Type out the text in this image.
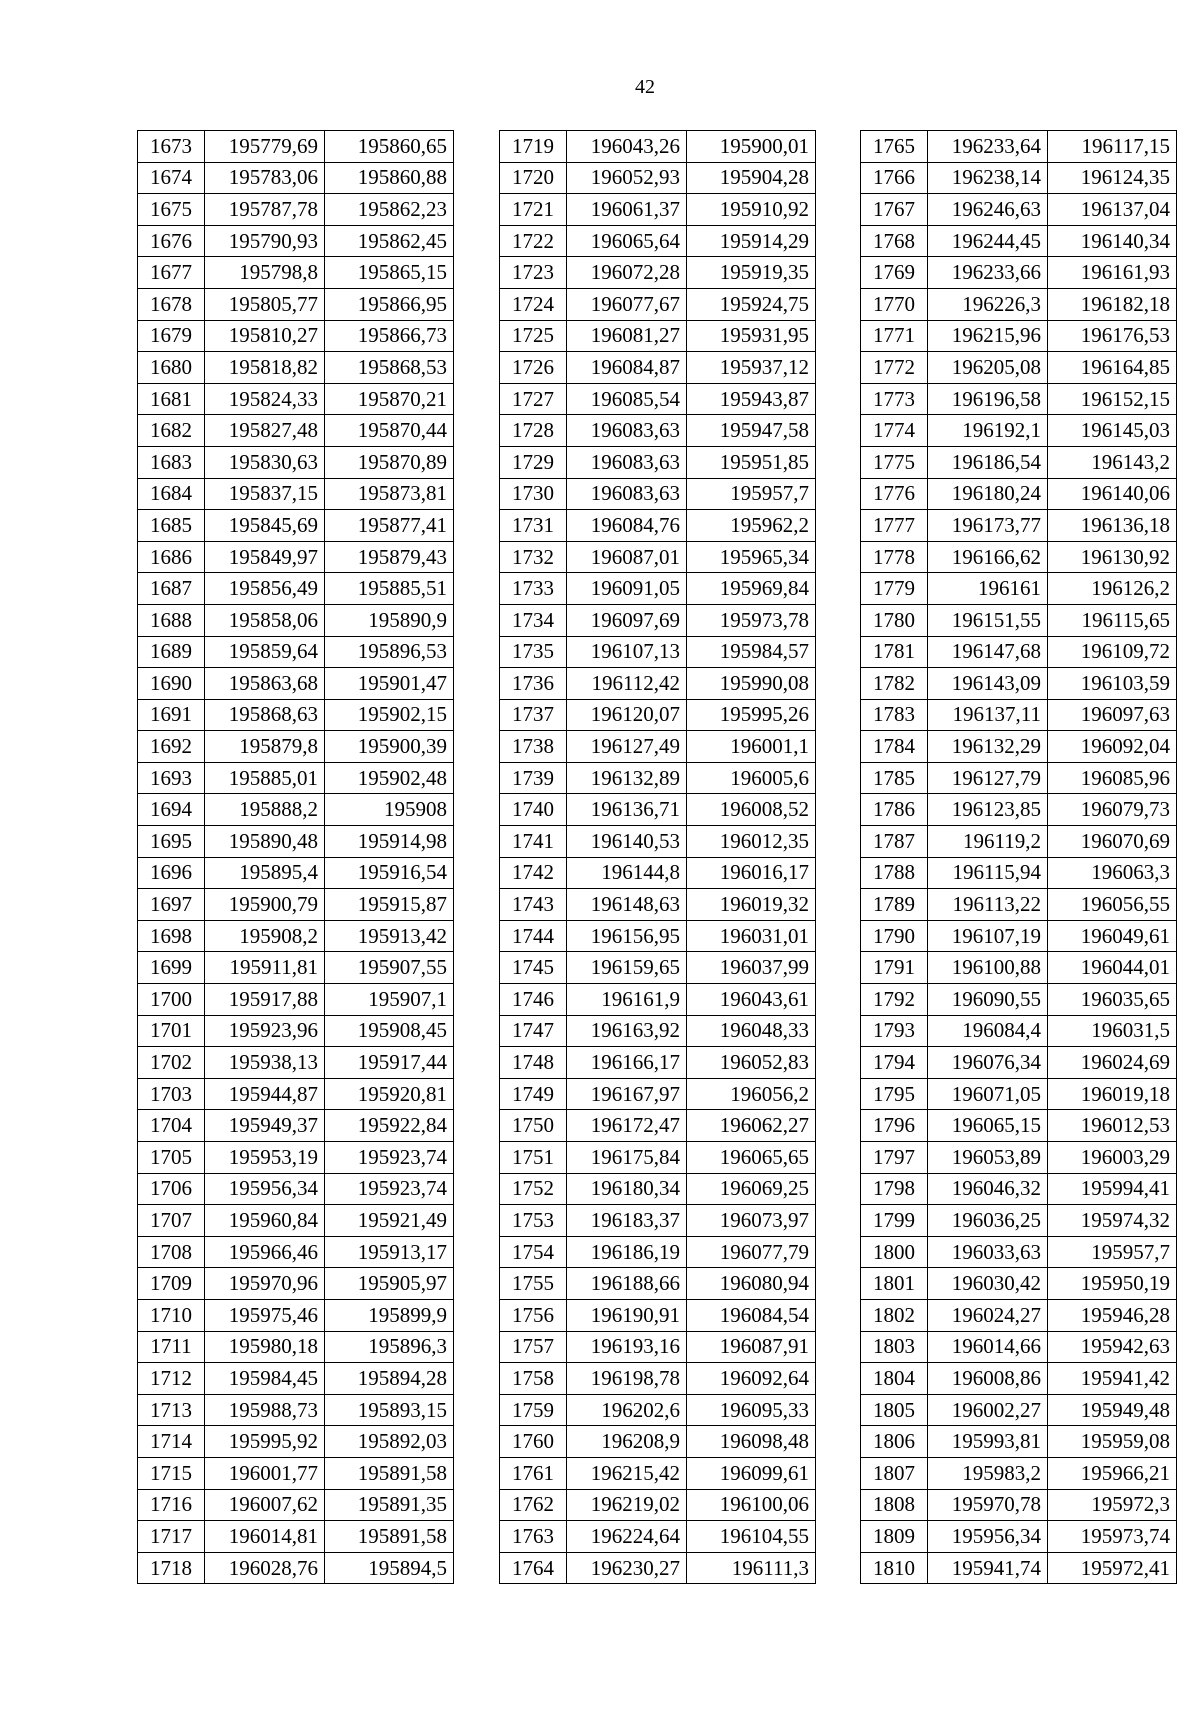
42
1673	195779,69	195860,65
1674	195783,06	195860,88
1675	195787,78	195862,23
1676	195790,93	195862,45
1677	195798,8	195865,15
1678	195805,77	195866,95
1679	195810,27	195866,73
1680	195818,82	195868,53
1681	195824,33	195870,21
1682	195827,48	195870,44
1683	195830,63	195870,89
1684	195837,15	195873,81
1685	195845,69	195877,41
1686	195849,97	195879,43
1687	195856,49	195885,51
1688	195858,06	195890,9
1689	195859,64	195896,53
1690	195863,68	195901,47
1691	195868,63	195902,15
1692	195879,8	195900,39
1693	195885,01	195902,48
1694	195888,2	195908
1695	195890,48	195914,98
1696	195895,4	195916,54
1697	195900,79	195915,87
1698	195908,2	195913,42
1699	195911,81	195907,55
1700	195917,88	195907,1
1701	195923,96	195908,45
1702	195938,13	195917,44
1703	195944,87	195920,81
1704	195949,37	195922,84
1705	195953,19	195923,74
1706	195956,34	195923,74
1707	195960,84	195921,49
1708	195966,46	195913,17
1709	195970,96	195905,97
1710	195975,46	195899,9
1711	195980,18	195896,3
1712	195984,45	195894,28
1713	195988,73	195893,15
1714	195995,92	195892,03
1715	196001,77	195891,58
1716	196007,62	195891,35
1717	196014,81	195891,58
1718	196028,76	195894,5
1719	196043,26	195900,01
1720	196052,93	195904,28
1721	196061,37	195910,92
1722	196065,64	195914,29
1723	196072,28	195919,35
1724	196077,67	195924,75
1725	196081,27	195931,95
1726	196084,87	195937,12
1727	196085,54	195943,87
1728	196083,63	195947,58
1729	196083,63	195951,85
1730	196083,63	195957,7
1731	196084,76	195962,2
1732	196087,01	195965,34
1733	196091,05	195969,84
1734	196097,69	195973,78
1735	196107,13	195984,57
1736	196112,42	195990,08
1737	196120,07	195995,26
1738	196127,49	196001,1
1739	196132,89	196005,6
1740	196136,71	196008,52
1741	196140,53	196012,35
1742	196144,8	196016,17
1743	196148,63	196019,32
1744	196156,95	196031,01
1745	196159,65	196037,99
1746	196161,9	196043,61
1747	196163,92	196048,33
1748	196166,17	196052,83
1749	196167,97	196056,2
1750	196172,47	196062,27
1751	196175,84	196065,65
1752	196180,34	196069,25
1753	196183,37	196073,97
1754	196186,19	196077,79
1755	196188,66	196080,94
1756	196190,91	196084,54
1757	196193,16	196087,91
1758	196198,78	196092,64
1759	196202,6	196095,33
1760	196208,9	196098,48
1761	196215,42	196099,61
1762	196219,02	196100,06
1763	196224,64	196104,55
1764	196230,27	196111,3
1765	196233,64	196117,15
1766	196238,14	196124,35
1767	196246,63	196137,04
1768	196244,45	196140,34
1769	196233,66	196161,93
1770	196226,3	196182,18
1771	196215,96	196176,53
1772	196205,08	196164,85
1773	196196,58	196152,15
1774	196192,1	196145,03
1775	196186,54	196143,2
1776	196180,24	196140,06
1777	196173,77	196136,18
1778	196166,62	196130,92
1779	196161	196126,2
1780	196151,55	196115,65
1781	196147,68	196109,72
1782	196143,09	196103,59
1783	196137,11	196097,63
1784	196132,29	196092,04
1785	196127,79	196085,96
1786	196123,85	196079,73
1787	196119,2	196070,69
1788	196115,94	196063,3
1789	196113,22	196056,55
1790	196107,19	196049,61
1791	196100,88	196044,01
1792	196090,55	196035,65
1793	196084,4	196031,5
1794	196076,34	196024,69
1795	196071,05	196019,18
1796	196065,15	196012,53
1797	196053,89	196003,29
1798	196046,32	195994,41
1799	196036,25	195974,32
1800	196033,63	195957,7
1801	196030,42	195950,19
1802	196024,27	195946,28
1803	196014,66	195942,63
1804	196008,86	195941,42
1805	196002,27	195949,48
1806	195993,81	195959,08
1807	195983,2	195966,21
1808	195970,78	195972,3
1809	195956,34	195973,74
1810	195941,74	195972,41
